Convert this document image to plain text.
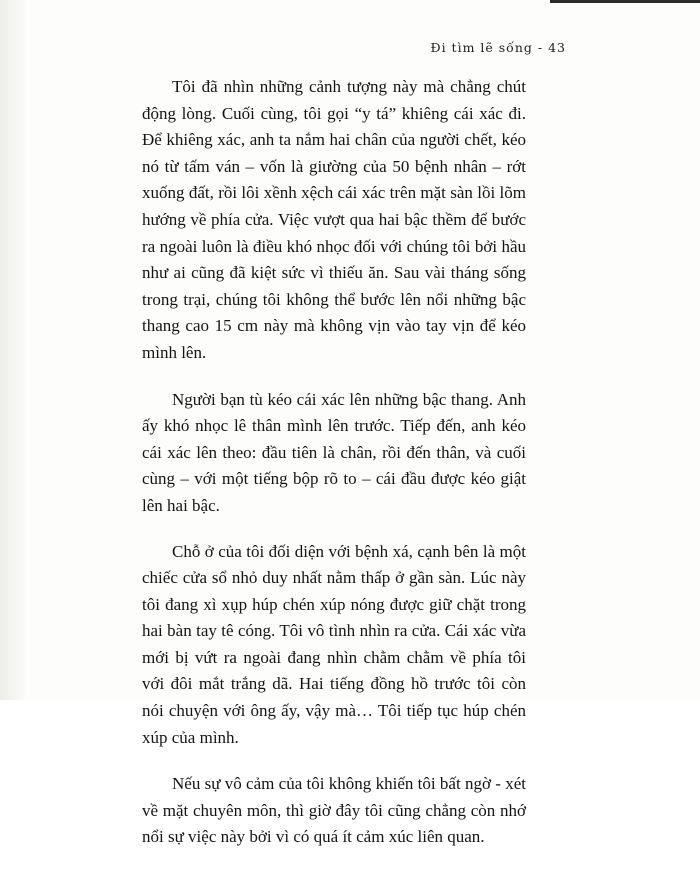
Đi tìm lẽ sống - 43

Tôi đã nhìn những cảnh tượng này mà chẳng chút động lòng. Cuối cùng, tôi gọi “y tá” khiêng cái xác đi. Để khiêng xác, anh ta nắm hai chân của người chết, kéo nó từ tấm ván – vốn là giường của 50 bệnh nhân – rớt xuống đất, rồi lôi xềnh xệch cái xác trên mặt sàn lồi lõm hướng về phía cửa. Việc vượt qua hai bậc thềm để bước ra ngoài luôn là điều khó nhọc đối với chúng tôi bởi hầu như ai cũng đã kiệt sức vì thiếu ăn. Sau vài tháng sống trong trại, chúng tôi không thể bước lên nổi những bậc thang cao 15 cm này mà không vịn vào tay vịn để kéo mình lên.

Người bạn tù kéo cái xác lên những bậc thang. Anh ấy khó nhọc lê thân mình lên trước. Tiếp đến, anh kéo cái xác lên theo: đầu tiên là chân, rồi đến thân, và cuối cùng – với một tiếng bộp rõ to – cái đầu được kéo giật lên hai bậc.

Chỗ ở của tôi đối diện với bệnh xá, cạnh bên là một chiếc cửa sổ nhỏ duy nhất nằm thấp ở gần sàn. Lúc này tôi đang xì xụp húp chén xúp nóng được giữ chặt trong hai bàn tay tê cóng. Tôi vô tình nhìn ra cửa. Cái xác vừa mới bị vứt ra ngoài đang nhìn chằm chằm về phía tôi với đôi mắt trắng dã. Hai tiếng đồng hồ trước tôi còn nói chuyện với ông ấy, vậy mà… Tôi tiếp tục húp chén xúp của mình.

Nếu sự vô cảm của tôi không khiến tôi bất ngờ - xét về mặt chuyên môn, thì giờ đây tôi cũng chẳng còn nhớ nổi sự việc này bởi vì có quá ít cảm xúc liên quan.
